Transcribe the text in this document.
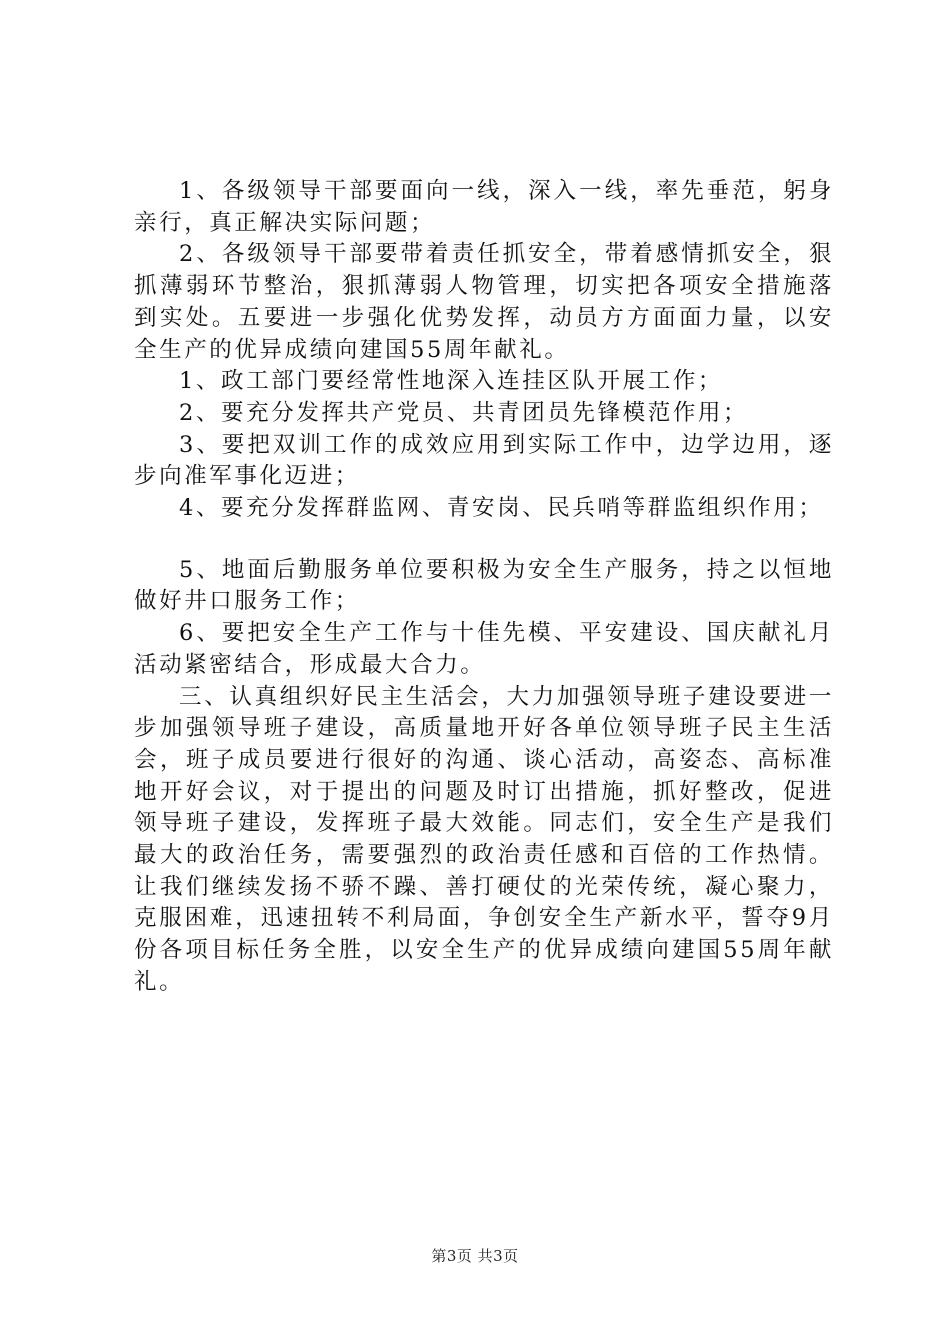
1、各级领导干部要面向一线，深入一线，率先垂范，躬身亲行，真正解决实际问题；

2、各级领导干部要带着责任抓安全，带着感情抓安全，狠抓薄弱环节整治，狠抓薄弱人物管理，切实把各项安全措施落到实处。五要进一步强化优势发挥，动员方方面面力量，以安全生产的优异成绩向建国55周年献礼。

1、政工部门要经常性地深入连挂区队开展工作；

2、要充分发挥共产党员、共青团员先锋模范作用；

3、要把双训工作的成效应用到实际工作中，边学边用，逐步向准军事化迈进；

4、要充分发挥群监网、青安岗、民兵哨等群监组织作用；

5、地面后勤服务单位要积极为安全生产服务，持之以恒地做好井口服务工作；

6、要把安全生产工作与十佳先模、平安建设、国庆献礼月活动紧密结合，形成最大合力。

三、认真组织好民主生活会，大力加强领导班子建设要进一步加强领导班子建设，高质量地开好各单位领导班子民主生活会，班子成员要进行很好的沟通、谈心活动，高姿态、高标准地开好会议，对于提出的问题及时订出措施，抓好整改，促进领导班子建设，发挥班子最大效能。同志们，安全生产是我们最大的政治任务，需要强烈的政治责任感和百倍的工作热情。让我们继续发扬不骄不躁、善打硬仗的光荣传统，凝心聚力，克服困难，迅速扭转不利局面，争创安全生产新水平，誓夺9月份各项目标任务全胜，以安全生产的优异成绩向建国55周年献礼。

第3页 共3页
